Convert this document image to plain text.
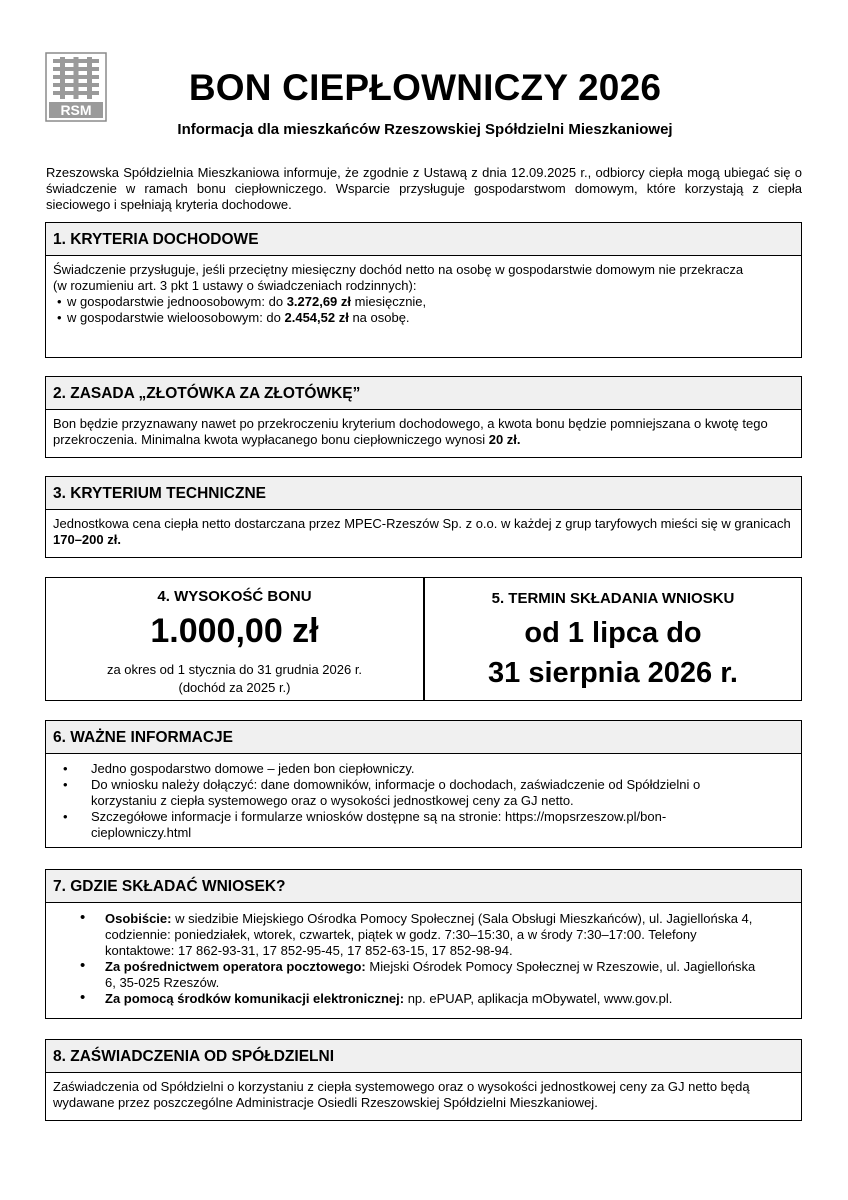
RSM
BON CIEPŁOWNICZY 2026
Informacja dla mieszkańców Rzeszowskiej Spółdzielni Mieszkaniowej
Rzeszowska Spółdzielnia Mieszkaniowa informuje, że zgodnie z Ustawą z dnia 12.09.2025 r., odbiorcy ciepła mogą ubiegać się o świadczenie w ramach bonu ciepłowniczego. Wsparcie przysługuje gospodarstwom domowym, które korzystają z ciepła sieciowego i spełniają kryteria dochodowe.
1. KRYTERIA DOCHODOWE

Świadczenie przysługuje, jeśli przeciętny miesięczny dochód netto na osobę w gospodarstwie domowym nie przekracza

(w rozumieniu art. 3 pkt 1 ustawy o świadczeniach rodzinnych):

• w gospodarstwie jednoosobowym: do 3.272,69 zł miesięcznie,
• w gospodarstwie wieloosobowym: do 2.454,52 zł na osobę.
2. ZASADA „ZŁOTÓWKA ZA ZŁOTÓWKĘ”

Bon będzie przyznawany nawet po przekroczeniu kryterium dochodowego, a kwota bonu będzie pomniejszana o kwotę tego przekroczenia. Minimalna kwota wypłacanego bonu ciepłowniczego wynosi 20 zł.

3. KRYTERIUM TECHNICZNE

Jednostkowa cena ciepła netto dostarczana przez MPEC-Rzeszów Sp. z o.o. w każdej z grup taryfowych mieści się w granicach 170–200 zł.

4. WYSOKOŚĆ BONU
1.000,00 zł
za okres od 1 stycznia do 31 grudnia 2026 r.
(dochód za 2025 r.)
5. TERMIN SKŁADANIA WNIOSKU
od 1 lipca do
31 sierpnia 2026 r.
6. WAŻNE INFORMACJE
• Jedno gospodarstwo domowe – jeden bon ciepłowniczy.
• Do wniosku należy dołączyć: dane domowników, informacje o dochodach, zaświadczenie od Spółdzielni o korzystaniu z ciepła systemowego oraz o wysokości jednostkowej ceny za GJ netto.
• Szczegółowe informacje i formularze wniosków dostępne są na stronie: https://mopsrzeszow.pl/bon-cieplowniczy.html
7. GDZIE SKŁADAĆ WNIOSEK?
• Osobiście: w siedzibie Miejskiego Ośrodka Pomocy Społecznej (Sala Obsługi Mieszkańców), ul. Jagiellońska 4, codziennie: poniedziałek, wtorek, czwartek, piątek w godz. 7:30–15:30, a w środy 7:30–17:00. Telefony kontaktowe: 17 862-93-31, 17 852-95-45, 17 852-63-15, 17 852-98-94.
• Za pośrednictwem operatora pocztowego: Miejski Ośrodek Pomocy Społecznej w Rzeszowie, ul. Jagiellońska 6, 35-025 Rzeszów.
• Za pomocą środków komunikacji elektronicznej: np. ePUAP, aplikacja mObywatel, www.gov.pl.
8. ZAŚWIADCZENIA OD SPÓŁDZIELNI

Zaświadczenia od Spółdzielni o korzystaniu z ciepła systemowego oraz o wysokości jednostkowej ceny za GJ netto będą wydawane przez poszczególne Administracje Osiedli Rzeszowskiej Spółdzielni Mieszkaniowej.
